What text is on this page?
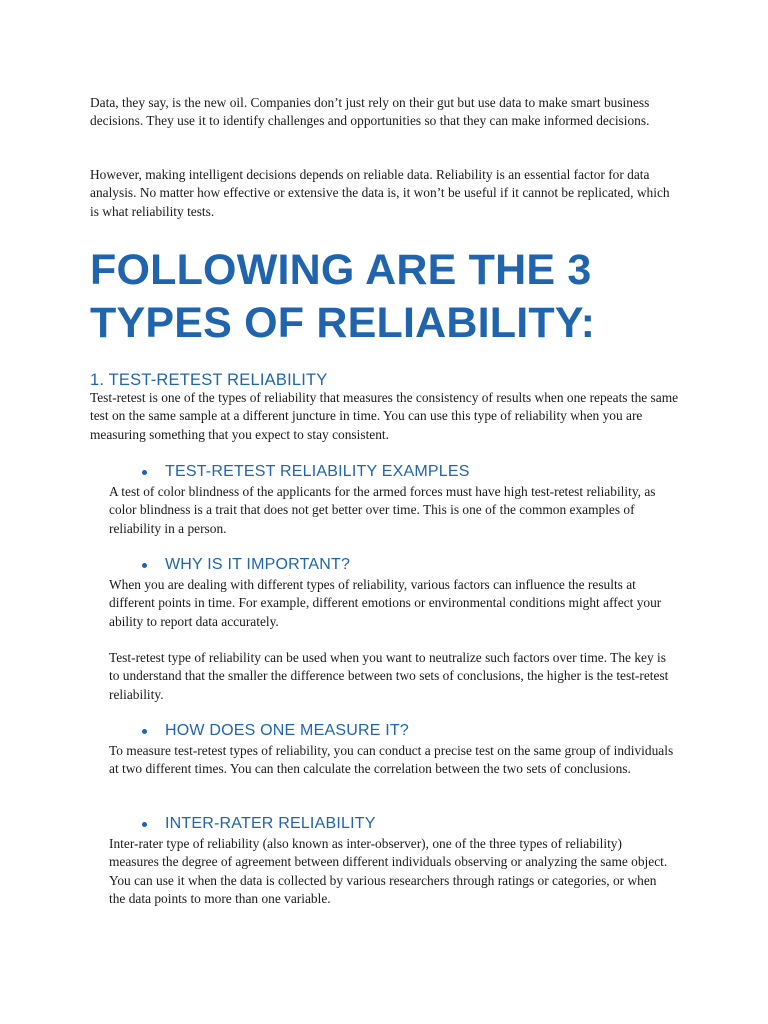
Data, they say, is the new oil. Companies don’t just rely on their gut but use data to make smart business decisions. They use it to identify challenges and opportunities so that they can make informed decisions.

However, making intelligent decisions depends on reliable data. Reliability is an essential factor for data analysis. No matter how effective or extensive the data is, it won’t be useful if it cannot be replicated, which is what reliability tests.

FOLLOWING ARE THE 3 TYPES OF RELIABILITY:
1. TEST-RETEST RELIABILITY

Test-retest is one of the types of reliability that measures the consistency of results when one repeats the same test on the same sample at a different juncture in time. You can use this type of reliability when you are measuring something that you expect to stay consistent.

TEST-RETEST RELIABILITY EXAMPLES

A test of color blindness of the applicants for the armed forces must have high test-retest reliability, as color blindness is a trait that does not get better over time. This is one of the common examples of reliability in a person.

WHY IS IT IMPORTANT?

When you are dealing with different types of reliability, various factors can influence the results at different points in time. For example, different emotions or environmental conditions might affect your ability to report data accurately.

Test-retest type of reliability can be used when you want to neutralize such factors over time. The key is to understand that the smaller the difference between two sets of conclusions, the higher is the test-retest reliability.

HOW DOES ONE MEASURE IT?

To measure test-retest types of reliability, you can conduct a precise test on the same group of individuals at two different times. You can then calculate the correlation between the two sets of conclusions.

INTER-RATER RELIABILITY

Inter-rater type of reliability (also known as inter-observer), one of the three types of reliability) measures the degree of agreement between different individuals observing or analyzing the same object. You can use it when the data is collected by various researchers through ratings or categories, or when the data points to more than one variable.
